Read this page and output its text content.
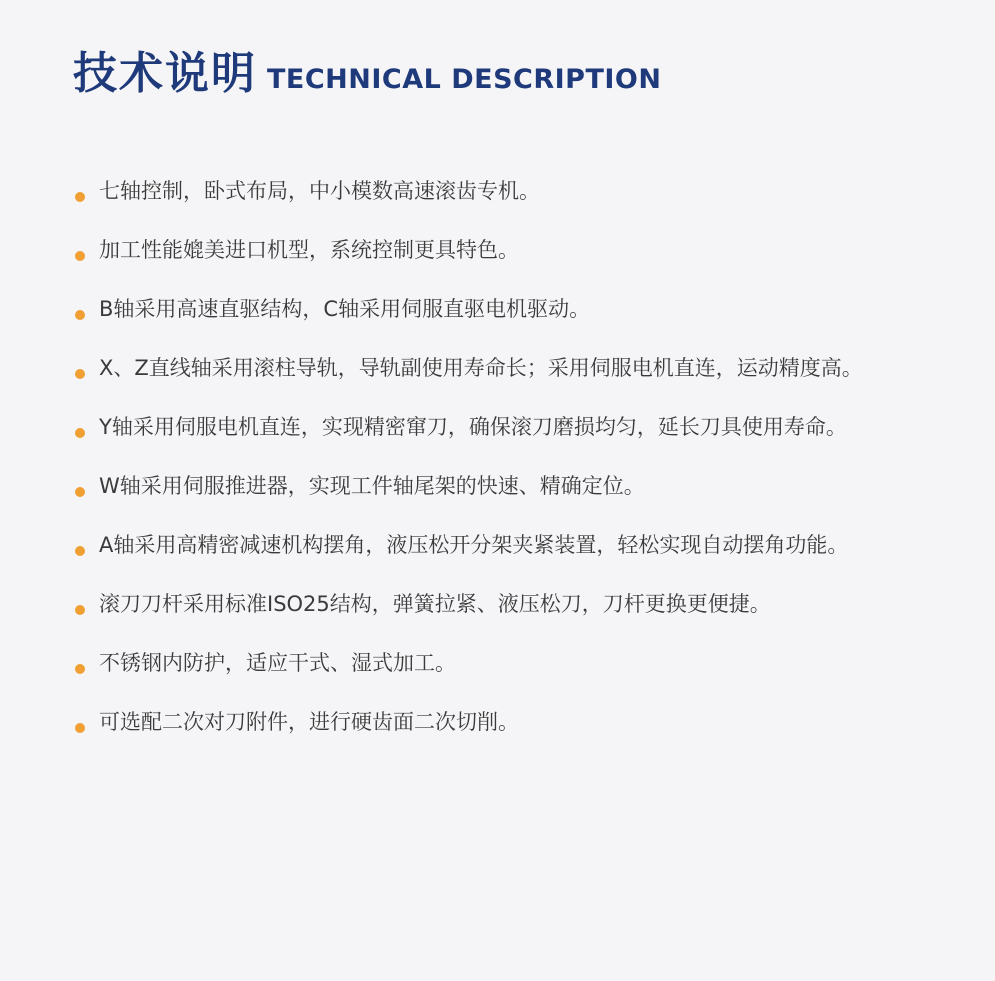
技术说明 TECHNICAL DESCRIPTION
七轴控制，卧式布局，中小模数高速滚齿专机。
加工性能媲美进口机型，系统控制更具特色。
B轴采用高速直驱结构，C轴采用伺服直驱电机驱动。
X、Z直线轴采用滚柱导轨，导轨副使用寿命长；采用伺服电机直连，运动精度高。
Y轴采用伺服电机直连，实现精密窜刀，确保滚刀磨损均匀，延长刀具使用寿命。
W轴采用伺服推进器，实现工件轴尾架的快速、精确定位。
A轴采用高精密减速机构摆角，液压松开分架夹紧装置，轻松实现自动摆角功能。
滚刀刀杆采用标准ISO25结构，弹簧拉紧、液压松刀，刀杆更换更便捷。
不锈钢内防护，适应干式、湿式加工。
可选配二次对刀附件，进行硬齿面二次切削。
